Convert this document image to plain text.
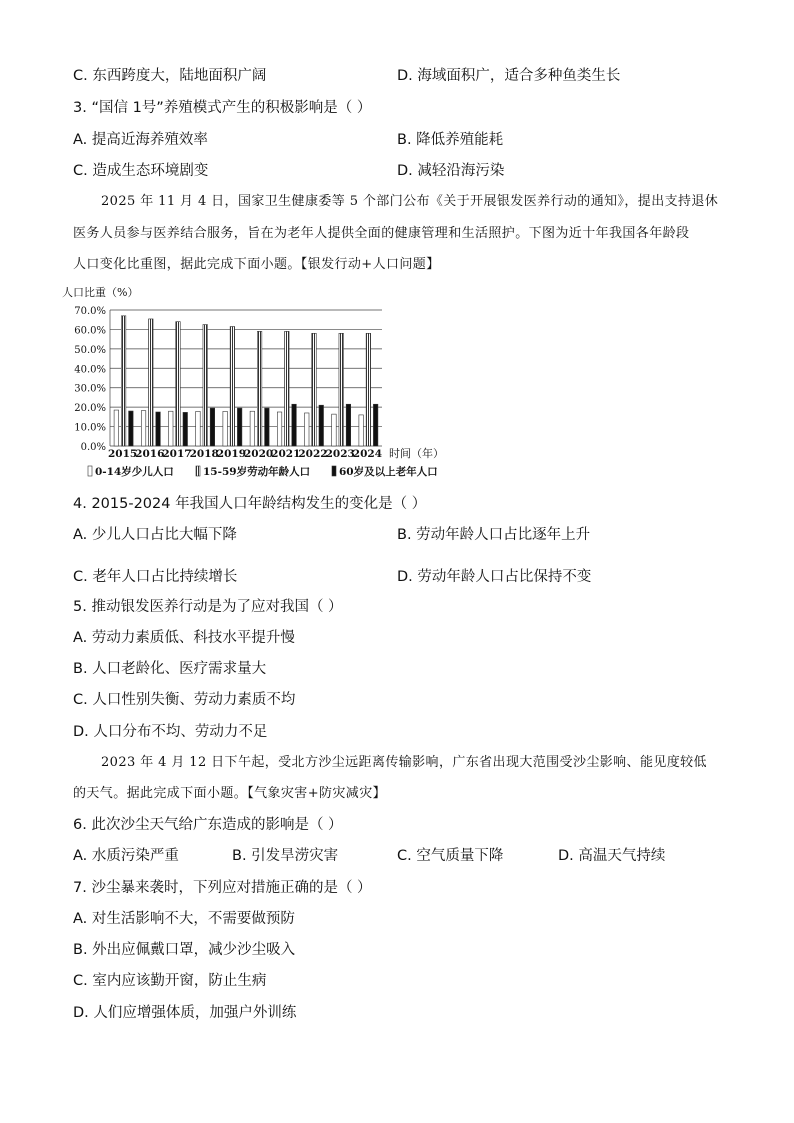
C. 东西跨度大，陆地面积广阔	D. 海域面积广，适合多种鱼类生长
3. “国信 1号”养殖模式产生的积极影响是（ ）
A. 提高近海养殖效率	B. 降低养殖能耗
C. 造成生态环境剧变	D. 减轻沿海污染
2025 年 11 月 4 日，国家卫生健康委等 5 个部门公布《关于开展银发医养行动的通知》，提出支持退休
医务人员参与医养结合服务，旨在为老年人提供全面的健康管理和生活照护。下图为近十年我国各年龄段
人口变化比重图，据此完成下面小题。【银发行动+人口问题】
人口比重（%）
0.0%
10.0%
20.0%
30.0%
40.0%
50.0%
60.0%
70.0%
2015
2016
2017
2018
2019
2020
2021
2022
2023
2024 时间（年）
0-14岁少儿人口	15-59岁劳动年龄人口	60岁及以上老年人口
4. 2015-2024 年我国人口年龄结构发生的变化是（ ）
A. 少儿人口占比大幅下降	B. 劳动年龄人口占比逐年上升
C. 老年人口占比持续增长	D. 劳动年龄人口占比保持不变
5. 推动银发医养行动是为了应对我国（ ）
A. 劳动力素质低、科技水平提升慢
B. 人口老龄化、医疗需求量大
C. 人口性别失衡、劳动力素质不均
D. 人口分布不均、劳动力不足
2023 年 4 月 12 日下午起，受北方沙尘远距离传输影响，广东省出现大范围受沙尘影响、能见度较低
的天气。据此完成下面小题。【气象灾害+防灾减灾】
6. 此次沙尘天气给广东造成的影响是（ ）
A. 水质污染严重	B. 引发旱涝灾害	C. 空气质量下降	D. 高温天气持续
7. 沙尘暴来袭时，下列应对措施正确的是（ ）
A. 对生活影响不大，不需要做预防
B. 外出应佩戴口罩，减少沙尘吸入
C. 室内应该勤开窗，防止生病
D. 人们应增强体质，加强户外训练
